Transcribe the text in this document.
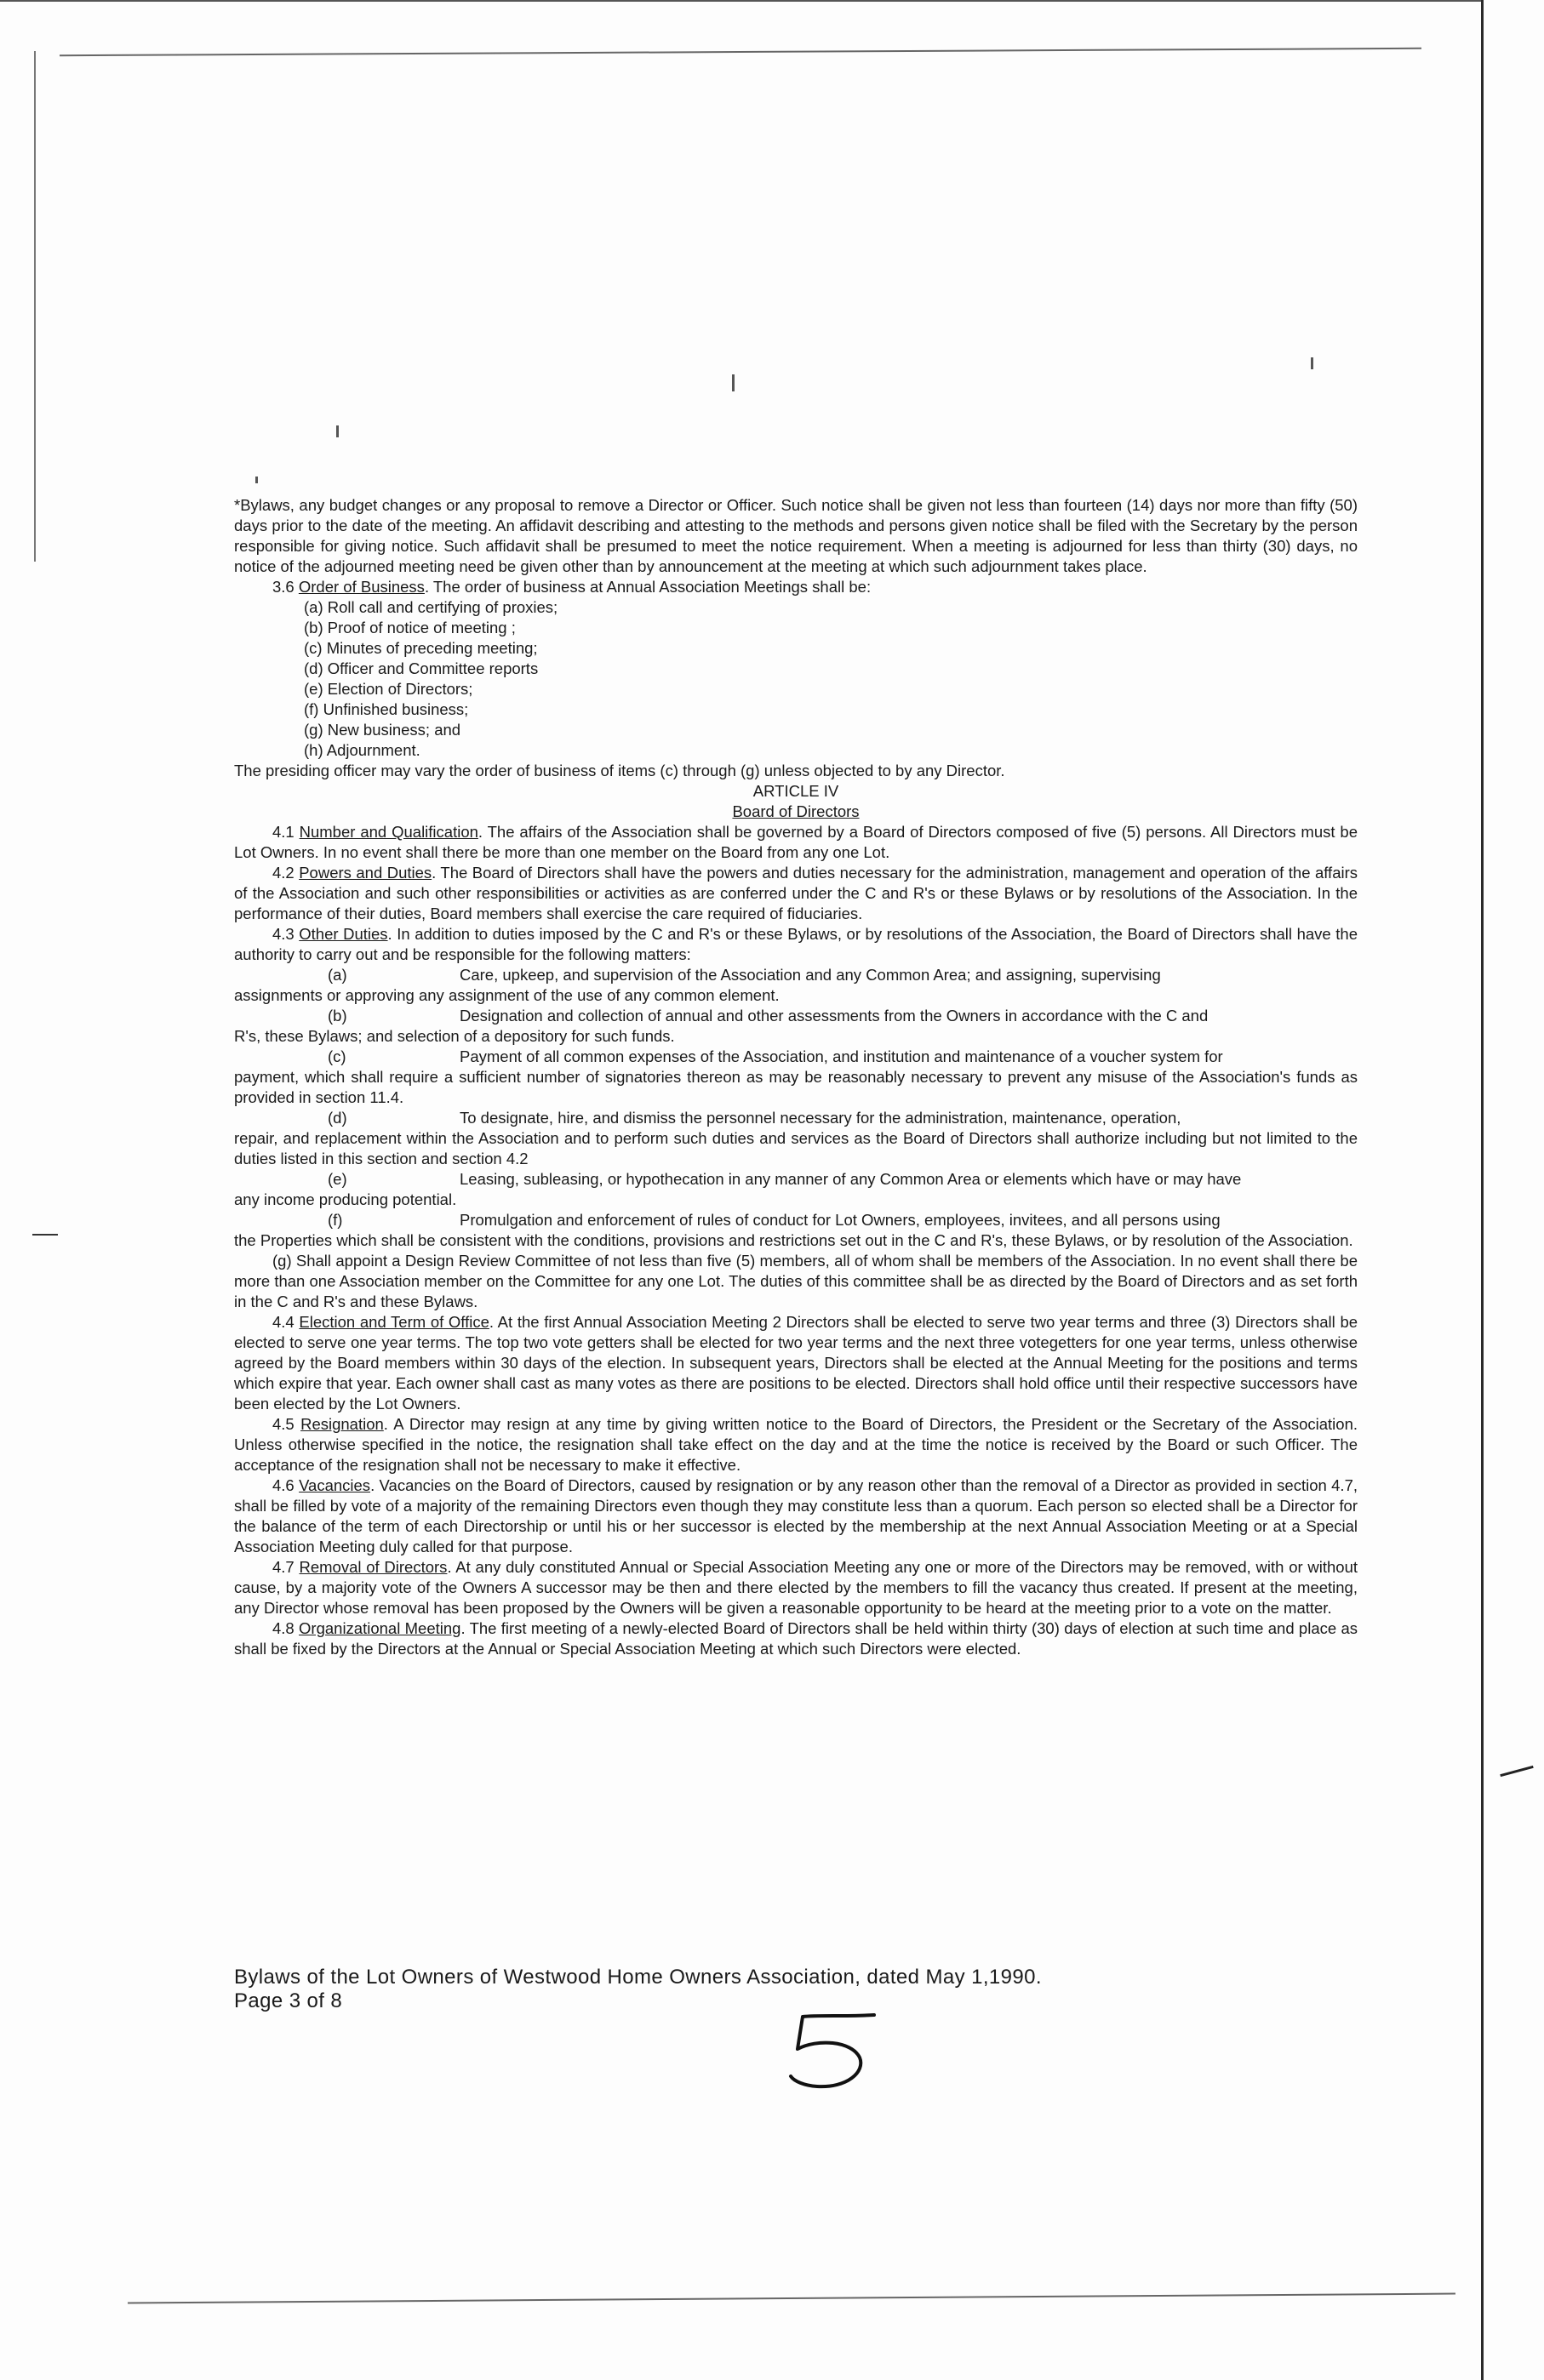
*Bylaws, any budget changes or any proposal to remove a Director or Officer. Such notice shall be given not less than fourteen (14) days nor more than fifty (50) days prior to the date of the meeting. An affidavit describing and attesting to the methods and persons given notice shall be filed with the Secretary by the person responsible for giving notice. Such affidavit shall be presumed to meet the notice requirement. When a meeting is adjourned for less than thirty (30) days, no notice of the adjourned meeting need be given other than by announcement at the meeting at which such adjournment takes place.

3.6 Order of Business. The order of business at Annual Association Meetings shall be:

(a) Roll call and certifying of proxies;
(b) Proof of notice of meeting ;
(c) Minutes of preceding meeting;
(d) Officer and Committee reports
(e) Election of Directors;
(f) Unfinished business;
(g) New business; and
(h) Adjournment.

The presiding officer may vary the order of business of items (c) through (g) unless objected to by any Director.

ARTICLE IV

Board of Directors

4.1 Number and Qualification. The affairs of the Association shall be governed by a Board of Directors composed of five (5) persons. All Directors must be Lot Owners. In no event shall there be more than one member on the Board from any one Lot.

4.2 Powers and Duties. The Board of Directors shall have the powers and duties necessary for the administration, management and operation of the affairs of the Association and such other responsibilities or activities as are conferred under the C and R's or these Bylaws or by resolutions of the Association. In the performance of their duties, Board members shall exercise the care required of fiduciaries.

4.3 Other Duties. In addition to duties imposed by the C and R's or these Bylaws, or by resolutions of the Association, the Board of Directors shall have the authority to carry out and be responsible for the following matters:

(a)	Care, upkeep, and supervision of the Association and any Common Area; and assigning, supervising

assignments or approving any assignment of the use of any common element.

(b)	Designation and collection of annual and other assessments from the Owners in accordance with the C and

R's, these Bylaws; and selection of a depository for such funds.

(c)	Payment of all common expenses of the Association, and institution and maintenance of a voucher system for

payment, which shall require a sufficient number of signatories thereon as may be reasonably necessary to prevent any misuse of the Association's funds as provided in section 11.4.

(d)	To designate, hire, and dismiss the personnel necessary for the administration, maintenance, operation,

repair, and replacement within the Association and to perform such duties and services as the Board of Directors shall authorize including but not limited to the duties listed in this section and section 4.2

(e)	Leasing, subleasing, or hypothecation in any manner of any Common Area or elements which have or may have

any income producing potential.

(f)	Promulgation and enforcement of rules of conduct for Lot Owners, employees, invitees, and all persons using

the Properties which shall be consistent with the conditions, provisions and restrictions set out in the C and R's, these Bylaws, or by resolution of the Association.

(g) Shall appoint a Design Review Committee of not less than five (5) members, all of whom shall be members of the Association. In no event shall there be more than one Association member on the Committee for any one Lot. The duties of this committee shall be as directed by the Board of Directors and as set forth in the C and R's and these Bylaws.

4.4 Election and Term of Office. At the first Annual Association Meeting 2 Directors shall be elected to serve two year terms and three (3) Directors shall be elected to serve one year terms. The top two vote getters shall be elected for two year terms and the next three votegetters for one year terms, unless otherwise agreed by the Board members within 30 days of the election. In subsequent years, Directors shall be elected at the Annual Meeting for the positions and terms which expire that year. Each owner shall cast as many votes as there are positions to be elected. Directors shall hold office until their respective successors have been elected by the Lot Owners.

4.5 Resignation. A Director may resign at any time by giving written notice to the Board of Directors, the President or the Secretary of the Association. Unless otherwise specified in the notice, the resignation shall take effect on the day and at the time the notice is received by the Board or such Officer. The acceptance of the resignation shall not be necessary to make it effective.

4.6 Vacancies. Vacancies on the Board of Directors, caused by resignation or by any reason other than the removal of a Director as provided in section 4.7, shall be filled by vote of a majority of the remaining Directors even though they may constitute less than a quorum. Each person so elected shall be a Director for the balance of the term of each Directorship or until his or her successor is elected by the membership at the next Annual Association Meeting or at a Special Association Meeting duly called for that purpose.

4.7 Removal of Directors. At any duly constituted Annual or Special Association Meeting any one or more of the Directors may be removed, with or without cause, by a majority vote of the Owners A successor may be then and there elected by the members to fill the vacancy thus created. If present at the meeting, any Director whose removal has been proposed by the Owners will be given a reasonable opportunity to be heard at the meeting prior to a vote on the matter.

4.8 Organizational Meeting. The first meeting of a newly-elected Board of Directors shall be held within thirty (30) days of election at such time and place as shall be fixed by the Directors at the Annual or Special Association Meeting at which such Directors were elected.

Bylaws of the Lot Owners of Westwood Home Owners Association, dated May 1,1990.
Page 3 of 8
